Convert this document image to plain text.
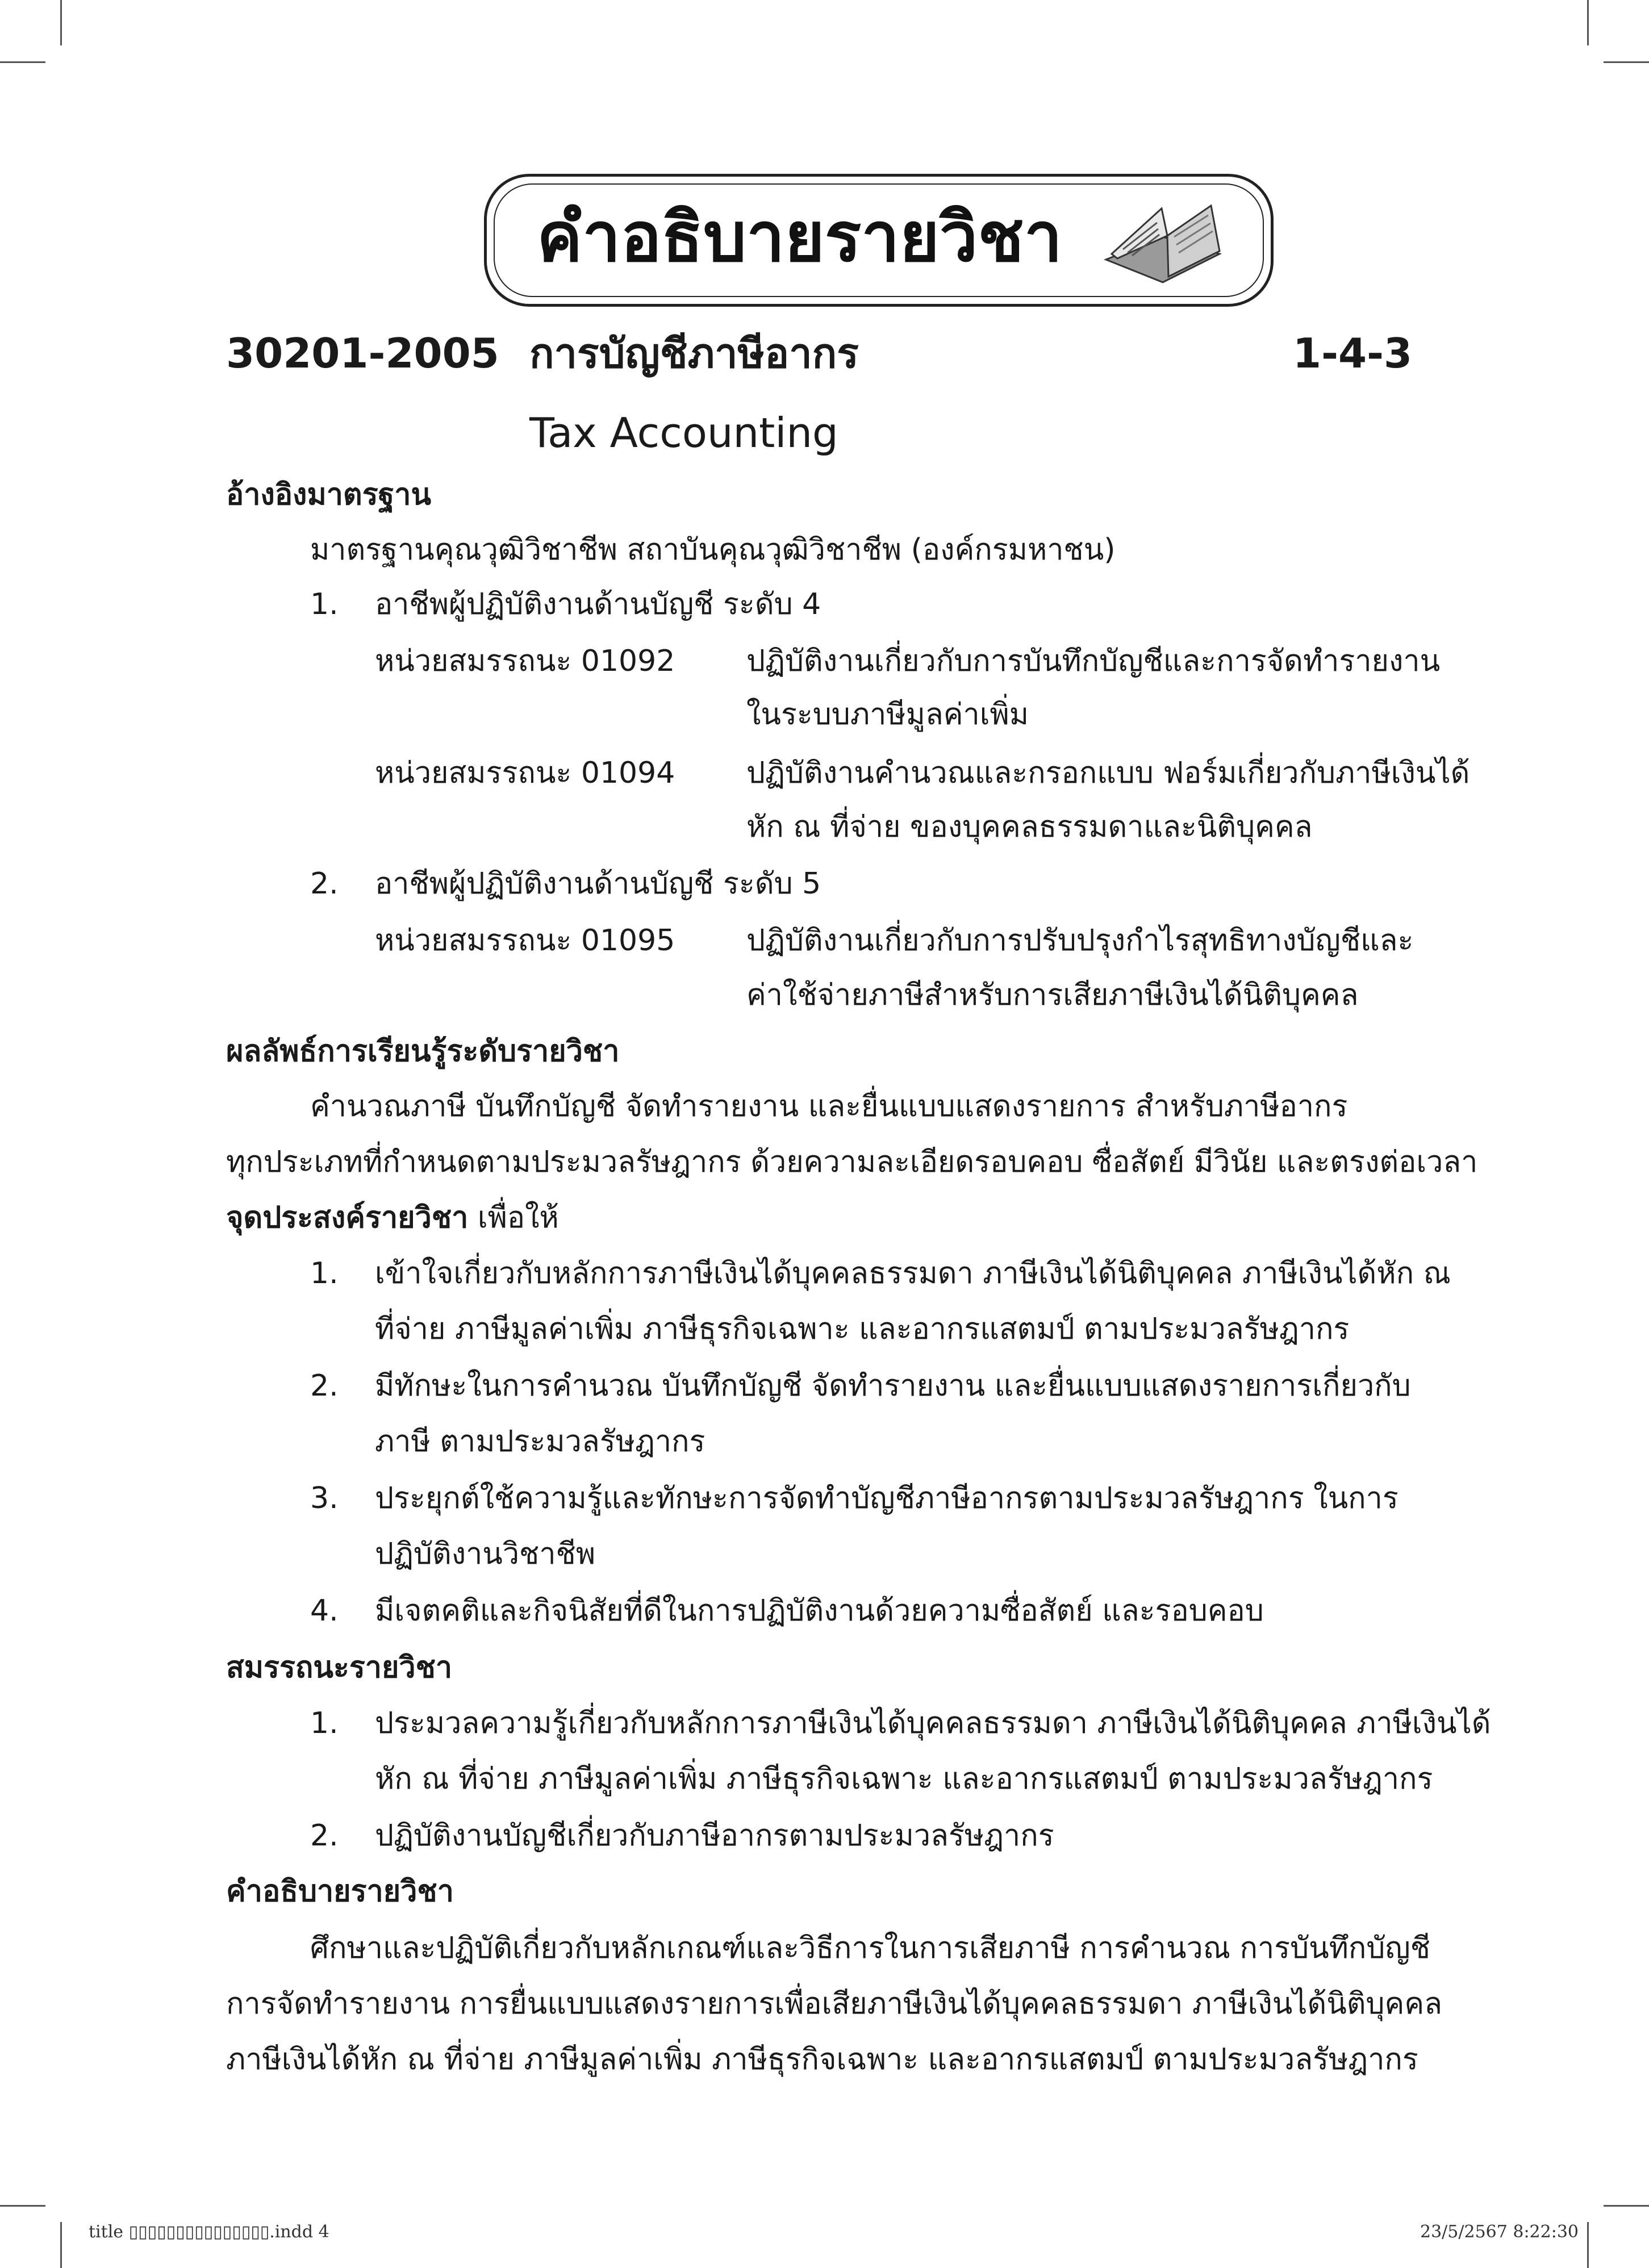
คำอธิบายรายวิชา
30201-2005 การบัญชีภาษีอากร	1-4-3
Tax Accounting
อ้างอิงมาตรฐาน
มาตรฐานคุณวุฒิวิชาชีพ สถาบันคุณวุฒิวิชาชีพ (องค์กรมหาชน)
1. อาชีพผู้ปฏิบัติงานด้านบัญชี ระดับ 4
หน่วยสมรรถนะ 01092 ปฏิบัติงานเกี่ยวกับการบันทึกบัญชีและการจัดทำรายงาน
ในระบบภาษีมูลค่าเพิ่ม
หน่วยสมรรถนะ 01094 ปฏิบัติงานคำนวณและกรอกแบบ ฟอร์มเกี่ยวกับภาษีเงินได้
หัก ณ ที่จ่าย ของบุคคลธรรมดาและนิติบุคคล
2. อาชีพผู้ปฏิบัติงานด้านบัญชี ระดับ 5
หน่วยสมรรถนะ 01095 ปฏิบัติงานเกี่ยวกับการปรับปรุงกำไรสุทธิทางบัญชีและ
ค่าใช้จ่ายภาษีสำหรับการเสียภาษีเงินได้นิติบุคคล
ผลลัพธ์การเรียนรู้ระดับรายวิชา
คำนวณภาษี บันทึกบัญชี จัดทำรายงาน และยื่นแบบแสดงรายการ สำหรับภาษีอากร
ทุกประเภทที่กำหนดตามประมวลรัษฎากร ด้วยความละเอียดรอบคอบ ซื่อสัตย์ มีวินัย และตรงต่อเวลา
จุดประสงค์รายวิชา เพื่อให้
1. เข้าใจเกี่ยวกับหลักการภาษีเงินได้บุคคลธรรมดา ภาษีเงินได้นิติบุคคล ภาษีเงินได้หัก ณ
ที่จ่าย ภาษีมูลค่าเพิ่ม ภาษีธุรกิจเฉพาะ และอากรแสตมป์ ตามประมวลรัษฎากร
2. มีทักษะในการคำนวณ บันทึกบัญชี จัดทำรายงาน และยื่นแบบแสดงรายการเกี่ยวกับ
ภาษี ตามประมวลรัษฎากร
3. ประยุกต์ใช้ความรู้และทักษะการจัดทำบัญชีภาษีอากรตามประมวลรัษฎากร ในการ
ปฏิบัติงานวิชาชีพ
4. มีเจตคติและกิจนิสัยที่ดีในการปฏิบัติงานด้วยความซื่อสัตย์ และรอบคอบ
สมรรถนะรายวิชา
1. ประมวลความรู้เกี่ยวกับหลักการภาษีเงินได้บุคคลธรรมดา ภาษีเงินได้นิติบุคคล ภาษีเงินได้
หัก ณ ที่จ่าย ภาษีมูลค่าเพิ่ม ภาษีธุรกิจเฉพาะ และอากรแสตมป์ ตามประมวลรัษฎากร
2. ปฏิบัติงานบัญชีเกี่ยวกับภาษีอากรตามประมวลรัษฎากร
คำอธิบายรายวิชา
ศึกษาและปฏิบัติเกี่ยวกับหลักเกณฑ์และวิธีการในการเสียภาษี การคำนวณ การบันทึกบัญชี
การจัดทำรายงาน การยื่นแบบแสดงรายการเพื่อเสียภาษีเงินได้บุคคลธรรมดา ภาษีเงินได้นิติบุคคล
ภาษีเงินได้หัก ณ ที่จ่าย ภาษีมูลค่าเพิ่ม ภาษีธุรกิจเฉพาะ และอากรแสตมป์ ตามประมวลรัษฎากร
title ▯▯▯▯▯▯▯▯▯▯▯▯▯▯▯.indd 4	23/5/2567 8:22:30
